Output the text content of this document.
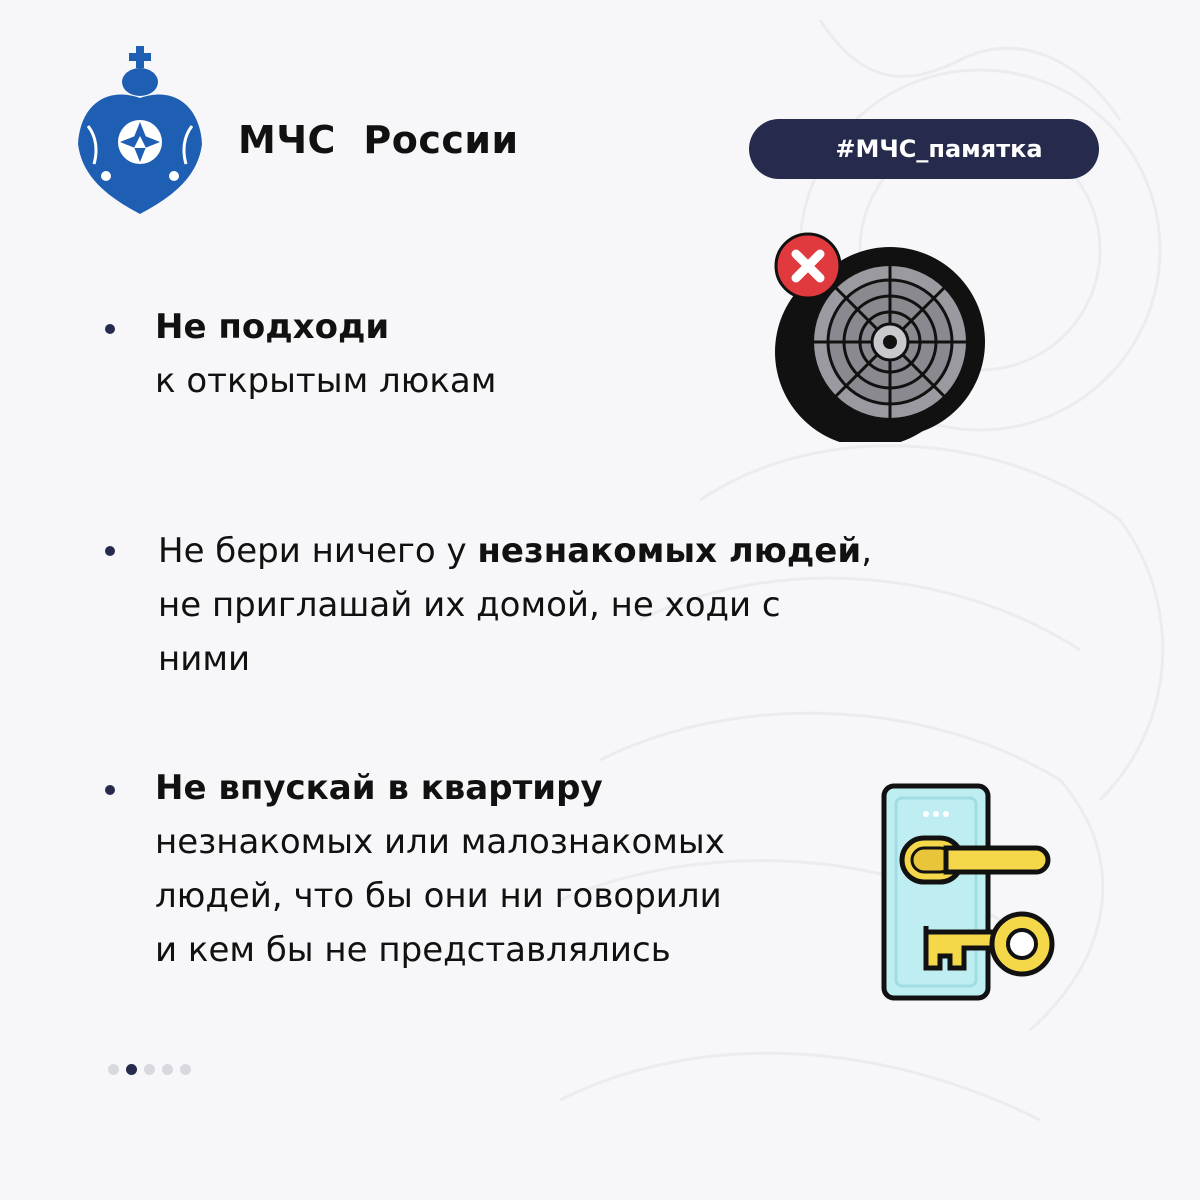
МЧС  России	#МЧС_памятка
Не подходи
к открытым люкам
Не бери ничего у незнакомых людей,
не приглашай их домой, не ходи с
ними
Не впускай в квартиру
незнакомых или малознакомых
людей, что бы они ни говорили
и кем бы не представлялись
